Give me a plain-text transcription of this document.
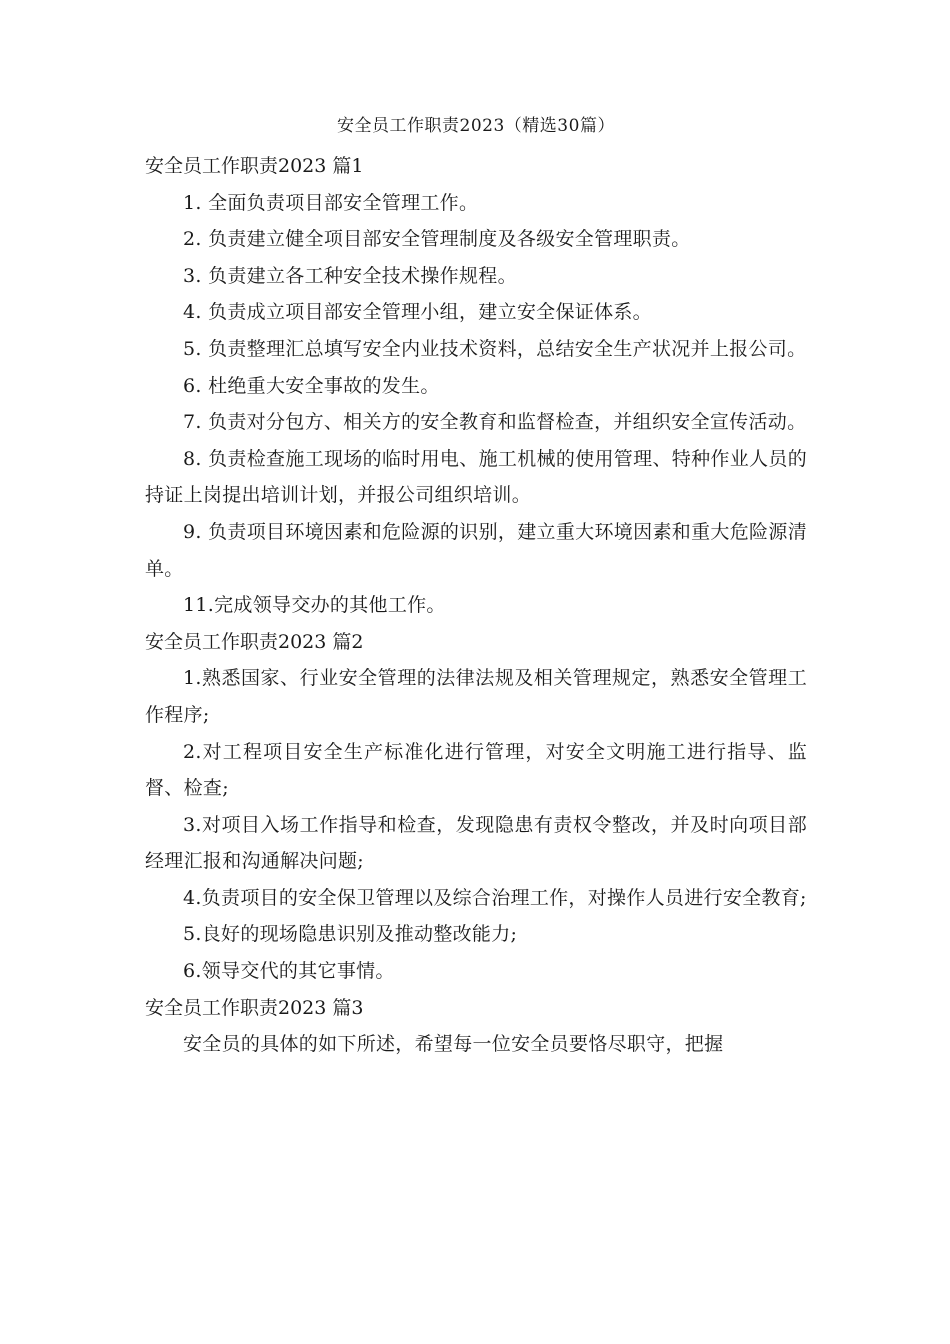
安全员工作职责2023（精选30篇）
安全员工作职责2023 篇1

1. 全面负责项目部安全管理工作。

2. 负责建立健全项目部安全管理制度及各级安全管理职责。

3. 负责建立各工种安全技术操作规程。

4. 负责成立项目部安全管理小组，建立安全保证体系。

5. 负责整理汇总填写安全内业技术资料，总结安全生产状况并上报公司。

6. 杜绝重大安全事故的发生。

7. 负责对分包方、相关方的安全教育和监督检查，并组织安全宣传活动。

8. 负责检查施工现场的临时用电、施工机械的使用管理、特种作业人员的持证上岗提出培训计划，并报公司组织培训。

9. 负责项目环境因素和危险源的识别，建立重大环境因素和重大危险源清单。

11.完成领导交办的其他工作。

安全员工作职责2023 篇2

1.熟悉国家、行业安全管理的法律法规及相关管理规定，熟悉安全管理工作程序;

2.对工程项目安全生产标准化进行管理，对安全文明施工进行指导、监督、检查;

3.对项目入场工作指导和检查，发现隐患有责权令整改，并及时向项目部经理汇报和沟通解决问题;

4.负责项目的安全保卫管理以及综合治理工作，对操作人员进行安全教育;

5.良好的现场隐患识别及推动整改能力;

6.领导交代的其它事情。

安全员工作职责2023 篇3

安全员的具体的如下所述，希望每一位安全员要恪尽职守，把握
